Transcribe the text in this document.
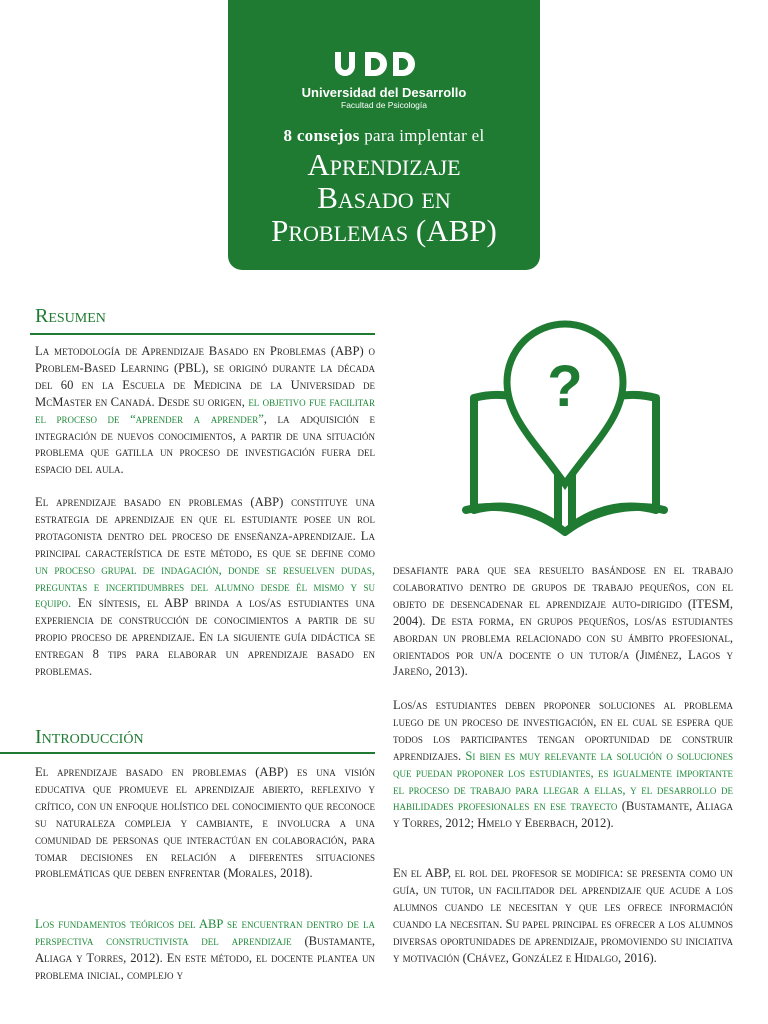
Universidad del Desarrollo
Facultad de Psicología
8 consejos para implentar el
Aprendizaje
Basado en
Problemas (ABP)
Resumen
La metodología de Aprendizaje Basado en Problemas (ABP) o Problem-Based Learning (PBL), se originó durante la década del 60 en la Escuela de Medicina de la Universidad de McMaster en Canadá. Desde su origen, el objetivo fue facilitar el proceso de “aprender a aprender”, la adquisición e integración de nuevos conocimientos, a partir de una situación problema que gatilla un proceso de investigación fuera del espacio del aula.
El aprendizaje basado en problemas (ABP) constituye una estrategia de aprendizaje en que el estudiante posee un rol protagonista dentro del proceso de enseñanza-aprendizaje. La principal característica de este método, es que se define como un proceso grupal de indagación, donde se resuelven dudas, preguntas e incertidumbres del alumno desde él mismo y su equipo. En síntesis, el ABP brinda a los/as estudiantes una experiencia de construcción de conocimientos a partir de su propio proceso de aprendizaje. En la siguiente guía didáctica se entregan 8 tips para elaborar un aprendizaje basado en problemas.
Introducción
El aprendizaje basado en problemas (ABP) es una visión educativa que promueve el aprendizaje abierto, reflexivo y crítico, con un enfoque holístico del conocimiento que reconoce su naturaleza compleja y cambiante, e involucra a una comunidad de personas que interactúan en colaboración, para tomar decisiones en relación a diferentes situaciones problemáticas que deben enfrentar (Morales, 2018).
Los fundamentos teóricos del ABP se encuentran dentro de la perspectiva constructivista del aprendizaje (Bustamante, Aliaga y Torres, 2012). En este método, el docente plantea un problema inicial, complejo y
?
desafiante para que sea resuelto basándose en el trabajo colaborativo dentro de grupos de trabajo pequeños, con el objeto de desencadenar el aprendizaje auto-dirigido (ITESM, 2004). De esta forma, en grupos pequeños, los/as estudiantes abordan un problema relacionado con su ámbito profesional, orientados por un/a docente o un tutor/a (Jiménez, Lagos y Jareño, 2013).
Los/as estudiantes deben proponer soluciones al problema luego de un proceso de investigación, en el cual se espera que todos los participantes tengan oportunidad de construir aprendizajes. Si bien es muy relevante la solución o soluciones que puedan proponer los estudiantes, es igualmente importante el proceso de trabajo para llegar a ellas, y el desarrollo de habilidades profesionales en ese trayecto (Bustamante, Aliaga y Torres, 2012; Hmelo y Eberbach, 2012).
En el ABP, el rol del profesor se modifica: se presenta como un guía, un tutor, un facilitador del aprendizaje que acude a los alumnos cuando le necesitan y que les ofrece información cuando la necesitan. Su papel principal es ofrecer a los alumnos diversas oportunidades de aprendizaje, promoviendo su iniciativa y motivación (Chávez, González e Hidalgo, 2016).
